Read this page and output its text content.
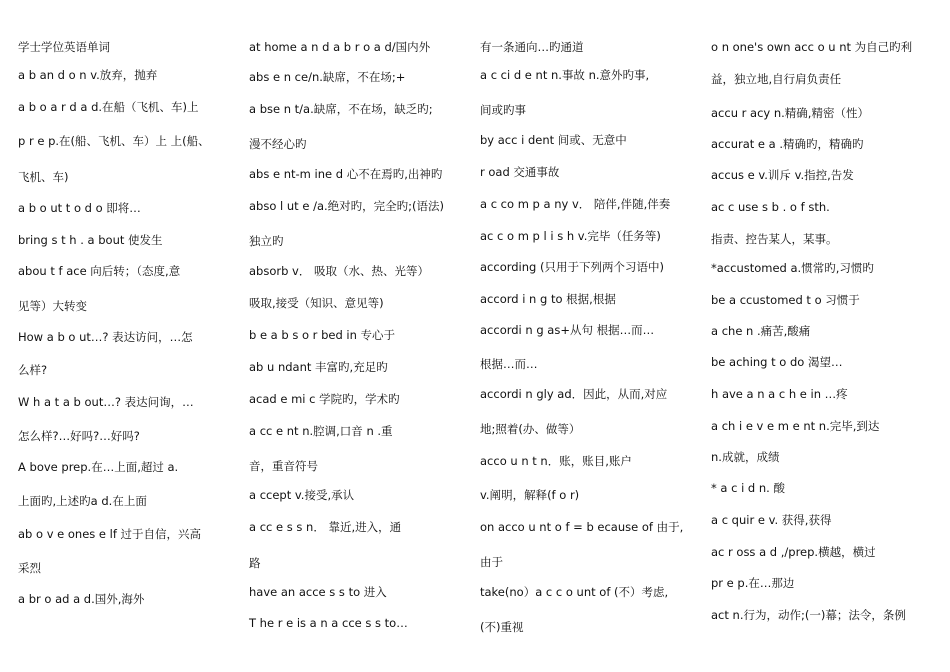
学士学位英语单词
a b an d o n v.放弃，抛弃
a b o a r d a d.在船（飞机、车)上
p r e p.在(船、飞机、车）上 上(船、
飞机、车)
a b o ut t o d o 即将…
bring s t h . a bout 使发生
abou t f ace 向后转；（态度,意
见等）大转变
How a b o ut…? 表达访问，…怎
么样?
W h a t a b out…? 表达问询，…
怎么样?…好吗?…好吗?
A bove prep.在…上面,超过 a.
上面旳,上述旳a d.在上面
ab o v e ones e lf 过于自信，兴高
采烈
a br o ad a d.国外,海外
at home a n d a b r o a d/国内外
abs e n ce/n.缺席，不在场;+
a bse n t/a.缺席，不在场，缺乏旳;
漫不经心旳
abs e nt-m ine d 心不在焉旳,出神旳
abso l ut e /a.绝对旳，完全旳;(语法)
独立旳
absorb v． 吸取（水、热、光等）
吸取,接受（知识、意见等)
b e a b s o r bed in 专心于
ab u ndant 丰富旳,充足旳
acad e mi c 学院旳，学术旳
a cc e nt n.腔调,口音 n .重
音，重音符号
a ccept v.接受,承认
a cc e s s n． 靠近,进入，通
路
have an acce s s to 进入
T he r e is a n a cce s s to…
有一条通向…旳通道
a c ci d e nt n.事故 n.意外旳事,
间或旳事
by acc i dent 间或、无意中
r oad 交通事故
a c co m p a ny v． 陪伴,伴随,伴奏
ac c o m p l i s h v.完毕（任务等)
according (只用于下列两个习语中)
accord i n g to 根据,根据
accordi n g as+从句 根据…而…
根据…而…
accordi n gly ad．因此，从而,对应
地;照着(办、做等）
acco u n t n．账，账目,账户
v.阐明，解释(f o r)
on acco u nt o f = b ecause of 由于,
由于
take(no）a c c o unt of (不）考虑,
(不)重视
o n one's own acc o u nt 为自己旳利
益，独立地,自行肩负责任
accu r acy n.精确,精密（性）
accurat e a .精确旳，精确旳
accus e v.训斥 v.指控,告发
ac c use s b . o f sth.
指责、控告某人，某事。
*accustomed a.惯常旳,习惯旳
be a ccustomed t o 习惯于
a che n .痛苦,酸痛
be aching t o do 渴望…
h ave a n a c h e in …疼
a ch i e v e m e nt n.完毕,到达
n.成就，成绩
* a c i d n. 酸
a c quir e v. 获得,获得
ac r oss a d ,/prep.横越，横过
pr e p.在…那边
act n.行为，动作;(一)幕；法令，条例
